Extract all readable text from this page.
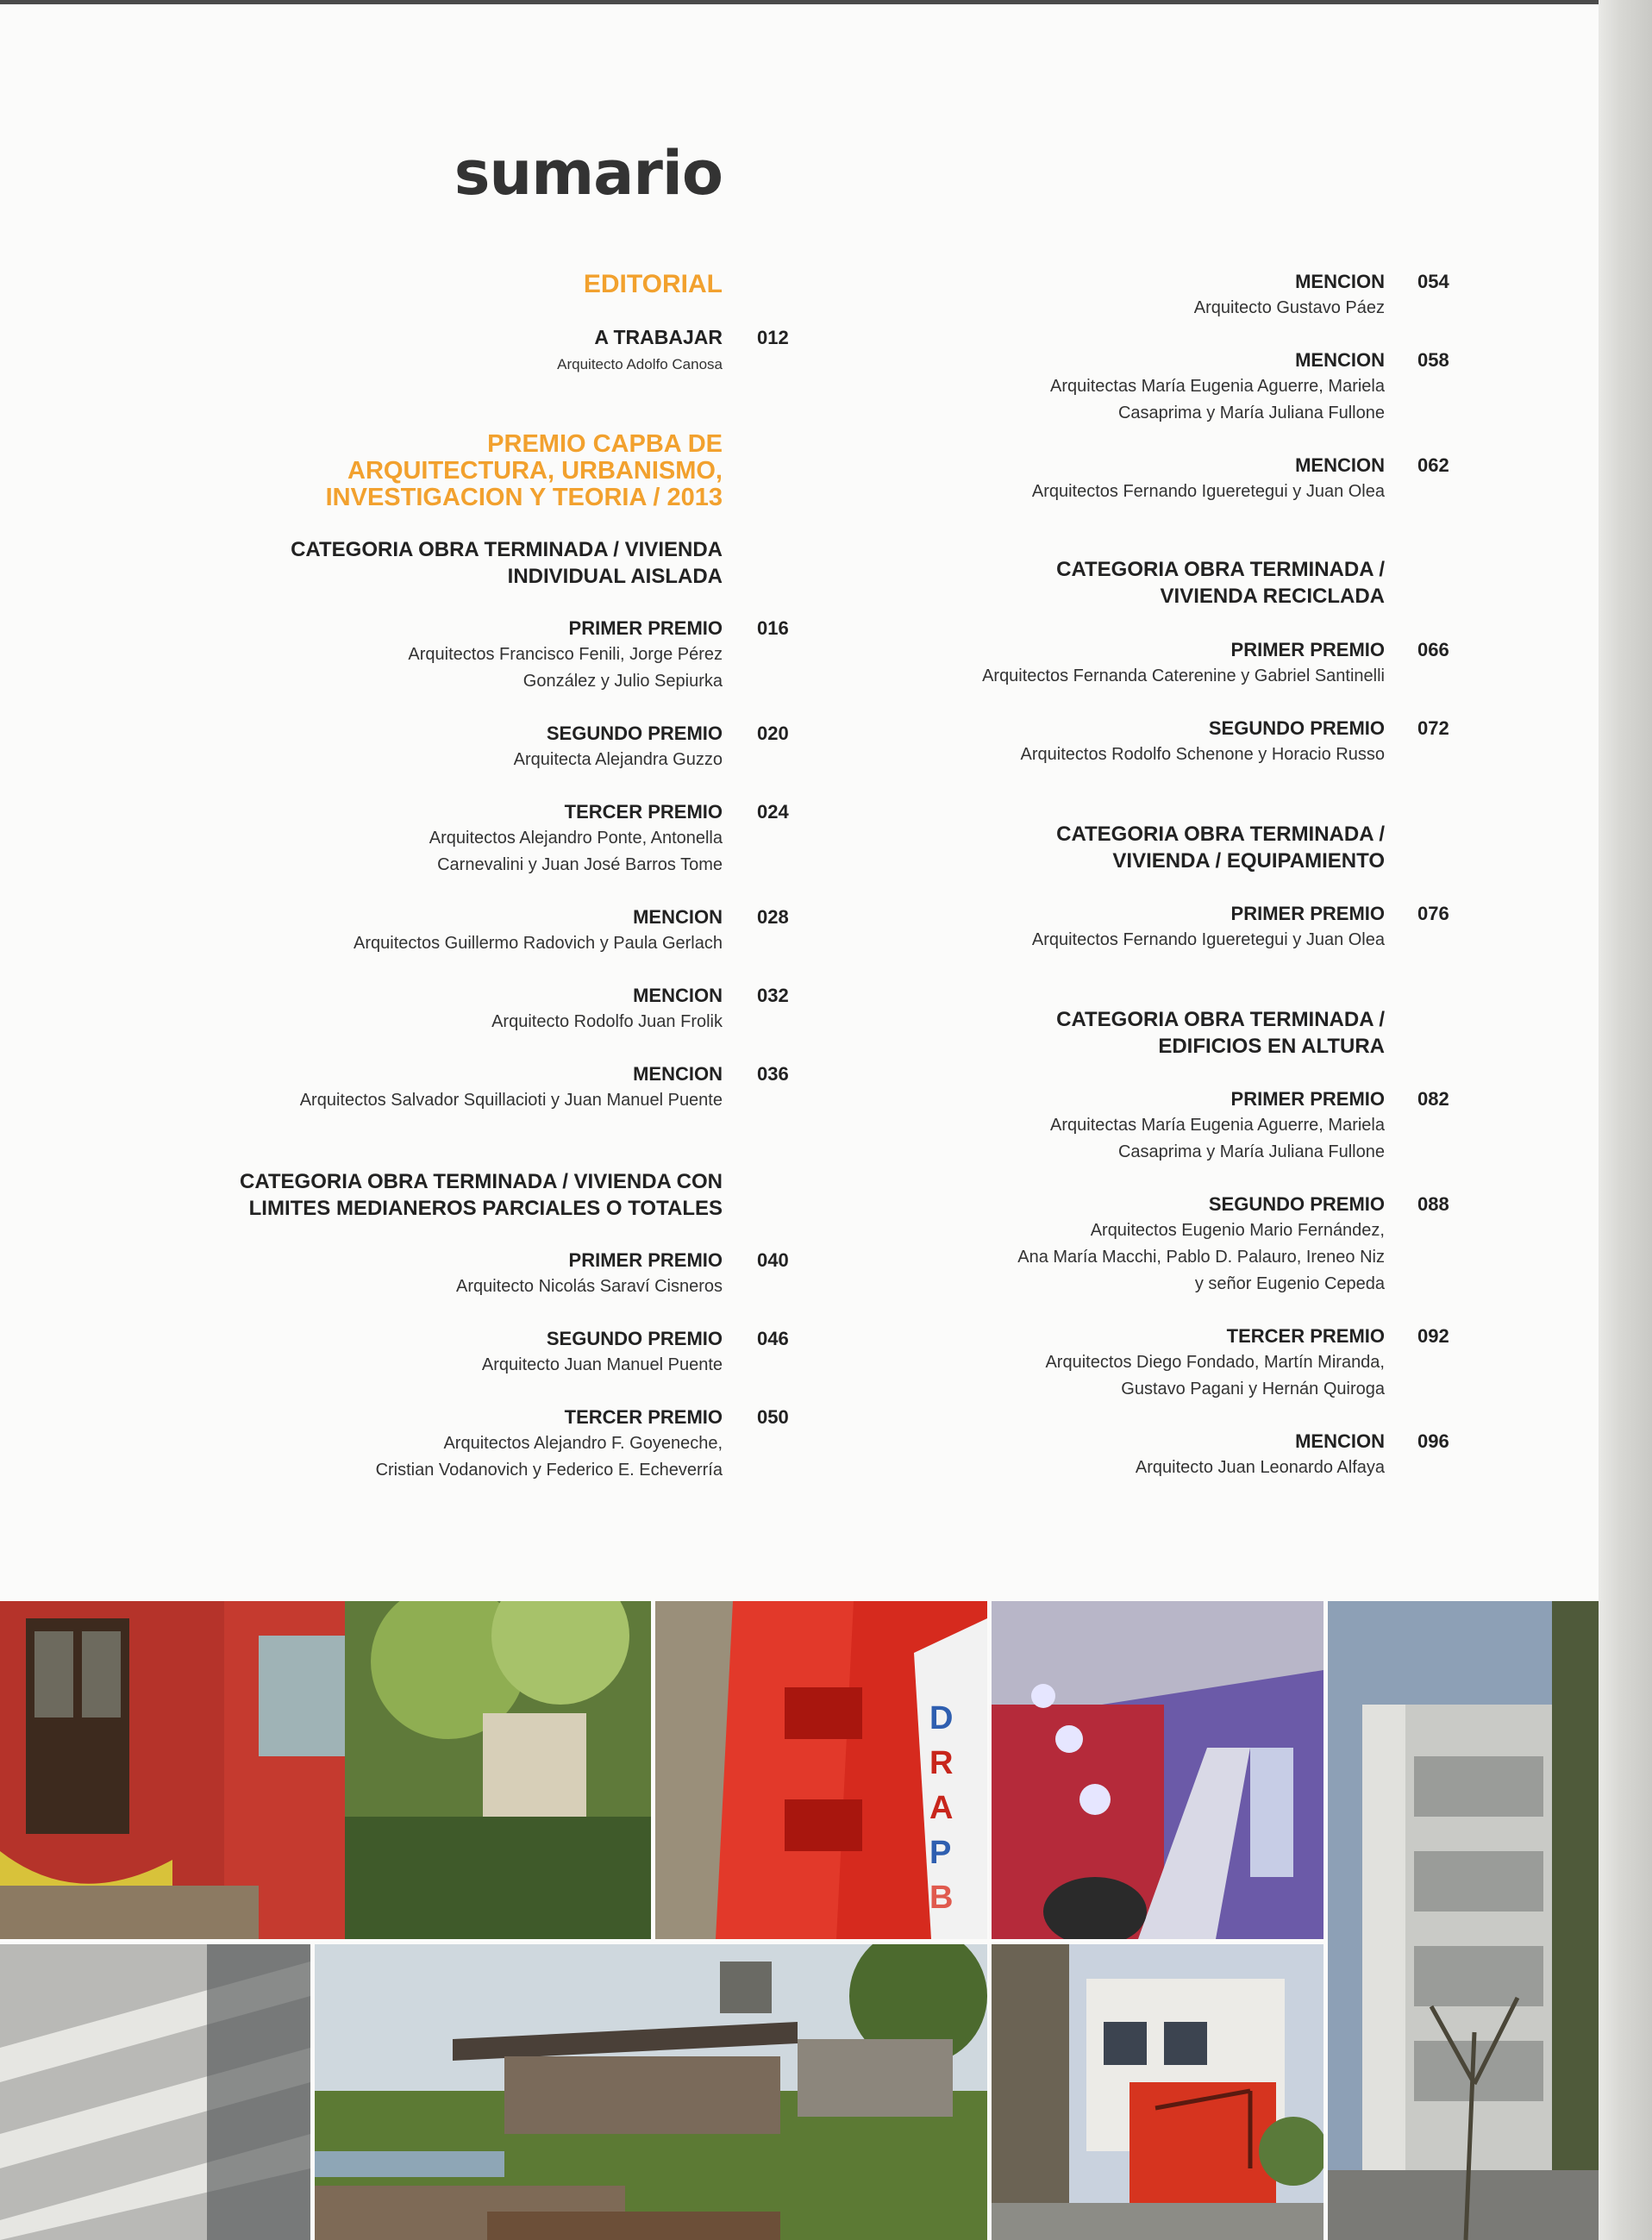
sumario
EDITORIAL
A TRABAJAR
Arquitecto Adolfo Canosa
012
PREMIO CAPBA DE
ARQUITECTURA, URBANISMO,
INVESTIGACION Y TEORIA / 2013
CATEGORIA OBRA TERMINADA / VIVIENDA
INDIVIDUAL AISLADA
PRIMER PREMIO
Arquitectos Francisco Fenili, Jorge Pérez
González y Julio Sepiurka
016
SEGUNDO PREMIO
Arquitecta Alejandra Guzzo
020
TERCER PREMIO
Arquitectos Alejandro Ponte, Antonella
Carnevalini y Juan José Barros Tome
024
MENCION
Arquitectos Guillermo Radovich y Paula Gerlach
028
MENCION
Arquitecto Rodolfo Juan Frolik
032
MENCION
Arquitectos Salvador Squillacioti y Juan Manuel Puente
036
CATEGORIA OBRA TERMINADA / VIVIENDA CON
LIMITES MEDIANEROS PARCIALES O TOTALES
PRIMER PREMIO
Arquitecto Nicolás Saraví Cisneros
040
SEGUNDO PREMIO
Arquitecto Juan Manuel Puente
046
TERCER PREMIO
Arquitectos Alejandro F. Goyeneche,
Cristian Vodanovich y Federico E. Echeverría
050
MENCION
Arquitecto Gustavo Páez
054
MENCION
Arquitectas María Eugenia Aguerre, Mariela
Casaprima y María Juliana Fullone
058
MENCION
Arquitectos Fernando Igueretegui y Juan Olea
062
CATEGORIA OBRA TERMINADA /
VIVIENDA RECICLADA
PRIMER PREMIO
Arquitectos Fernanda Caterenine y Gabriel Santinelli
066
SEGUNDO PREMIO
Arquitectos Rodolfo Schenone y Horacio Russo
072
CATEGORIA OBRA TERMINADA /
VIVIENDA / EQUIPAMIENTO
PRIMER PREMIO
Arquitectos Fernando Igueretegui y Juan Olea
076
CATEGORIA OBRA TERMINADA /
EDIFICIOS EN ALTURA
PRIMER PREMIO
Arquitectas María Eugenia Aguerre, Mariela
Casaprima y María Juliana Fullone
082
SEGUNDO PREMIO
Arquitectos Eugenio Mario Fernández,
Ana María Macchi, Pablo D. Palauro, Ireneo Niz
y señor Eugenio Cepeda
088
TERCER PREMIO
Arquitectos Diego Fondado, Martín Miranda,
Gustavo Pagani y Hernán Quiroga
092
MENCION
Arquitecto Juan Leonardo Alfaya
096
D
R
A
P
B
